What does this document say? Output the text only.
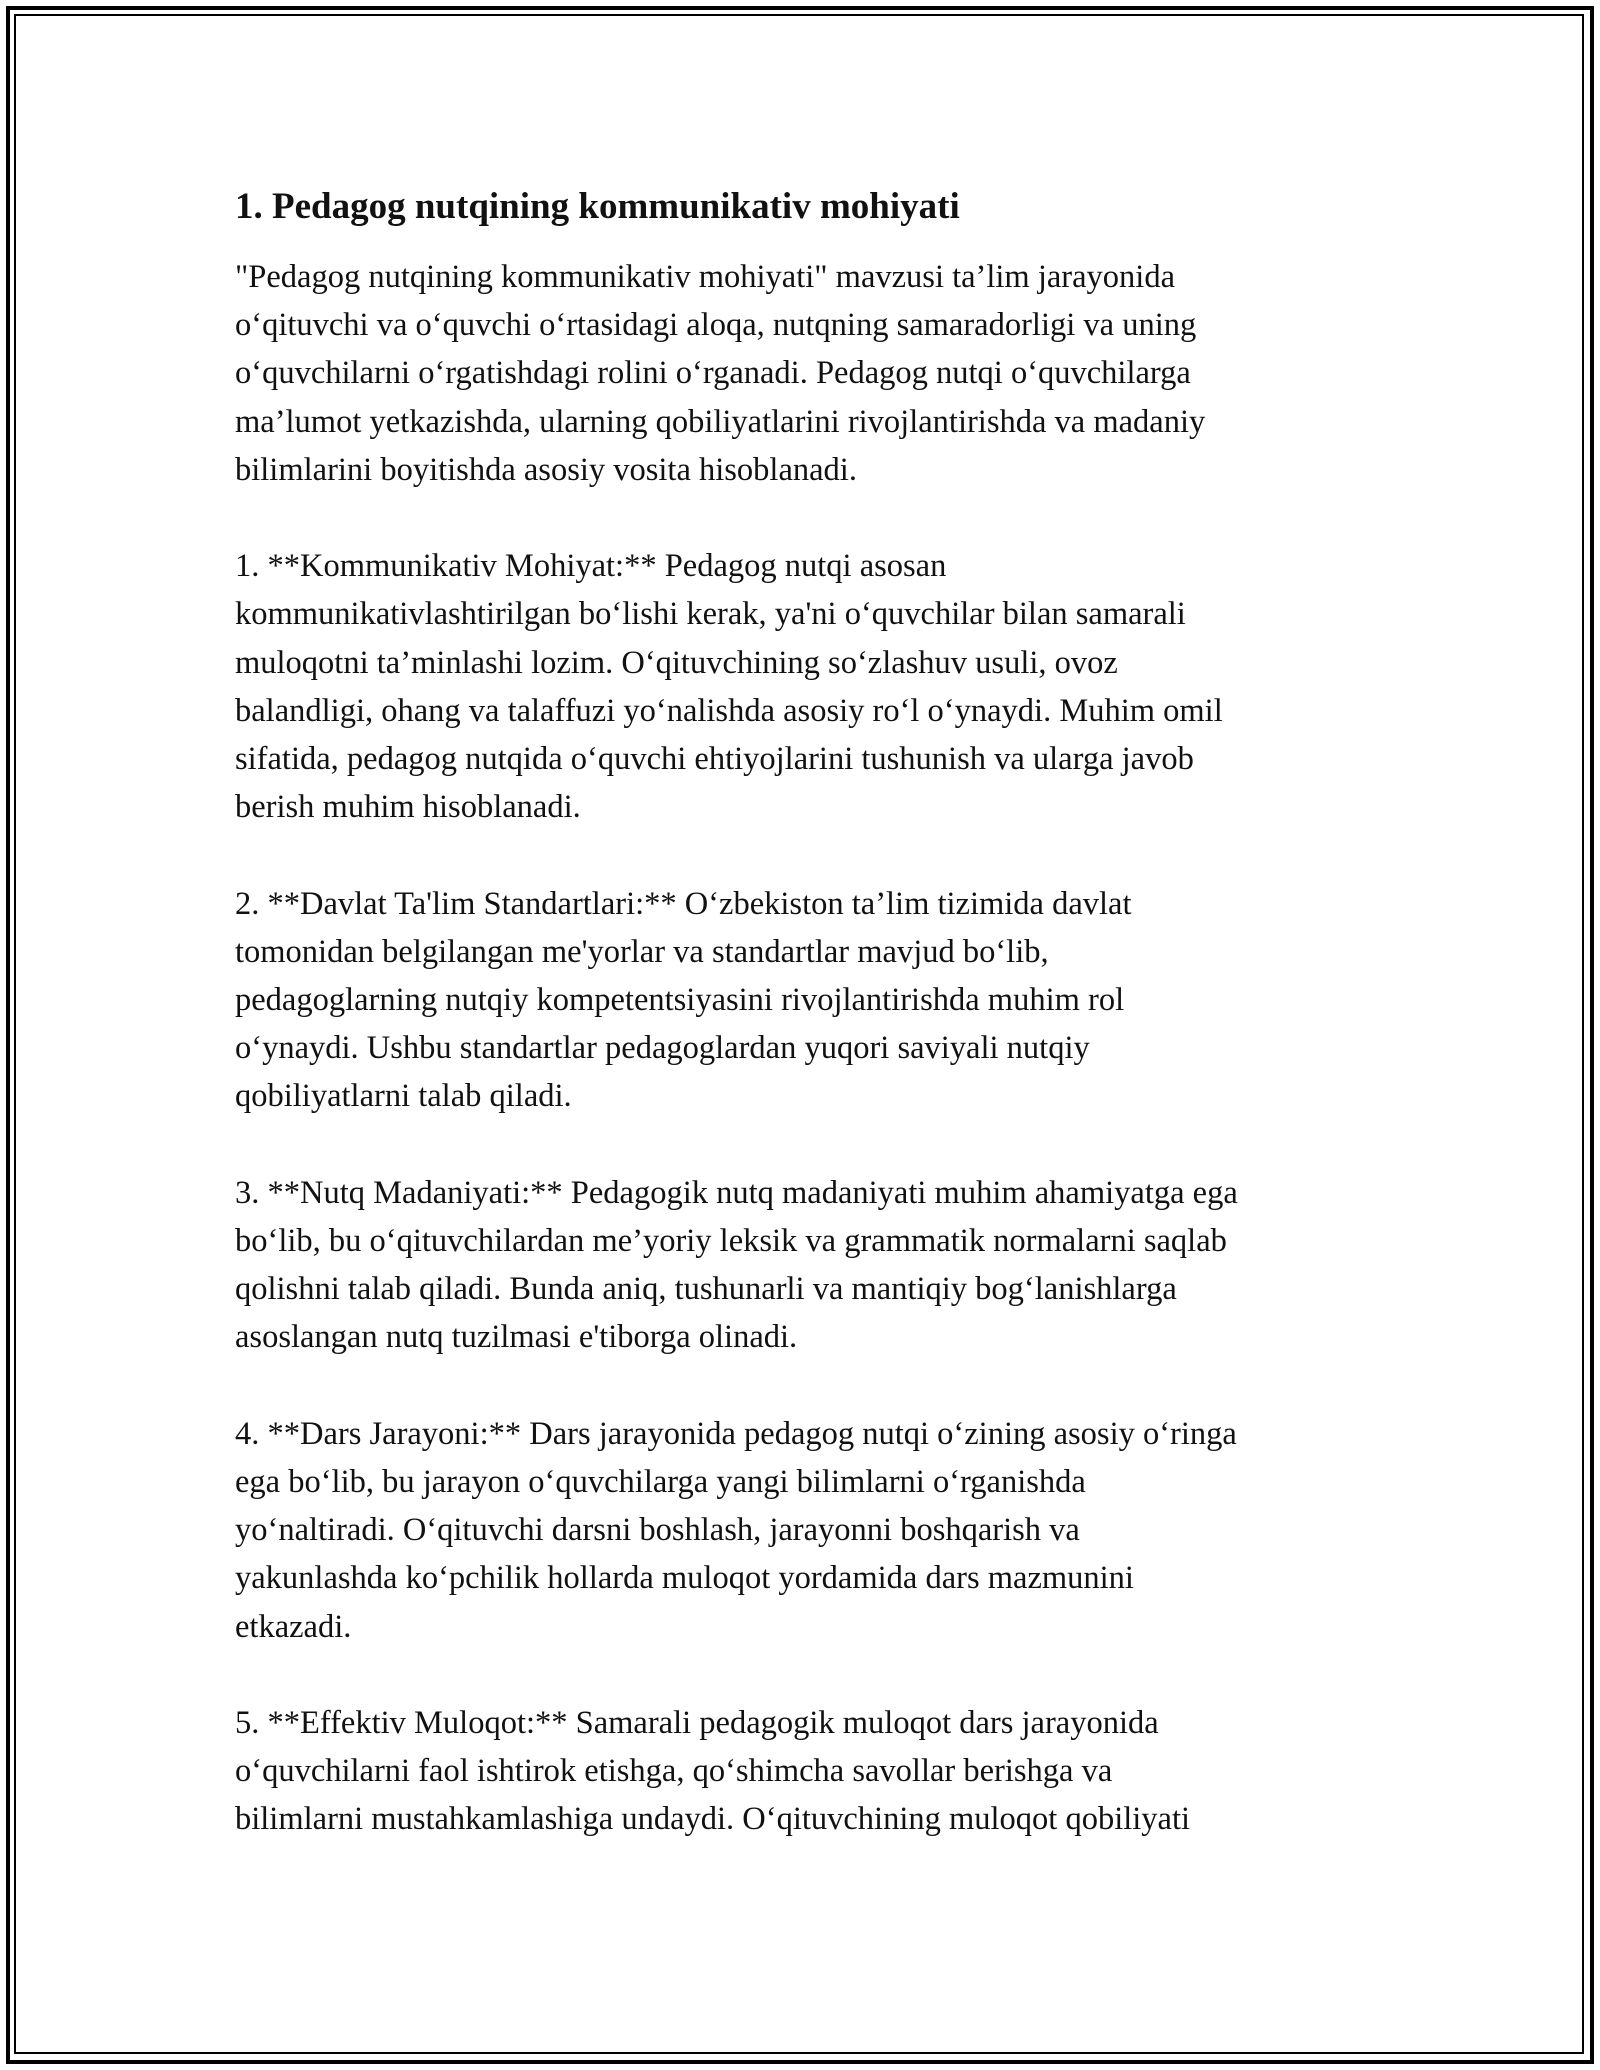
1. Pedagog nutqining kommunikativ mohiyati

"Pedagog nutqining kommunikativ mohiyati" mavzusi ta’lim jarayonida
o‘qituvchi va o‘quvchi o‘rtasidagi aloqa, nutqning samaradorligi va uning
o‘quvchilarni o‘rgatishdagi rolini o‘rganadi. Pedagog nutqi o‘quvchilarga
ma’lumot yetkazishda, ularning qobiliyatlarini rivojlantirishda va madaniy
bilimlarini boyitishda asosiy vosita hisoblanadi.

1. **Kommunikativ Mohiyat:** Pedagog nutqi asosan
kommunikativlashtirilgan bo‘lishi kerak, ya'ni o‘quvchilar bilan samarali
muloqotni ta’minlashi lozim. O‘qituvchining so‘zlashuv usuli, ovoz
balandligi, ohang va talaffuzi yo‘nalishda asosiy ro‘l o‘ynaydi. Muhim omil
sifatida, pedagog nutqida o‘quvchi ehtiyojlarini tushunish va ularga javob
berish muhim hisoblanadi.

2. **Davlat Ta'lim Standartlari:** O‘zbekiston ta’lim tizimida davlat
tomonidan belgilangan me'yorlar va standartlar mavjud bo‘lib,
pedagoglarning nutqiy kompetentsiyasini rivojlantirishda muhim rol
o‘ynaydi. Ushbu standartlar pedagoglardan yuqori saviyali nutqiy
qobiliyatlarni talab qiladi.

3. **Nutq Madaniyati:** Pedagogik nutq madaniyati muhim ahamiyatga ega
bo‘lib, bu o‘qituvchilardan me’yoriy leksik va grammatik normalarni saqlab
qolishni talab qiladi. Bunda aniq, tushunarli va mantiqiy bog‘lanishlarga
asoslangan nutq tuzilmasi e'tiborga olinadi.

4. **Dars Jarayoni:** Dars jarayonida pedagog nutqi o‘zining asosiy o‘ringa
ega bo‘lib, bu jarayon o‘quvchilarga yangi bilimlarni o‘rganishda
yo‘naltiradi. O‘qituvchi darsni boshlash, jarayonni boshqarish va
yakunlashda ko‘pchilik hollarda muloqot yordamida dars mazmunini
etkazadi.

5. **Effektiv Muloqot:** Samarali pedagogik muloqot dars jarayonida
o‘quvchilarni faol ishtirok etishga, qo‘shimcha savollar berishga va
bilimlarni mustahkamlashiga undaydi. O‘qituvchining muloqot qobiliyati
